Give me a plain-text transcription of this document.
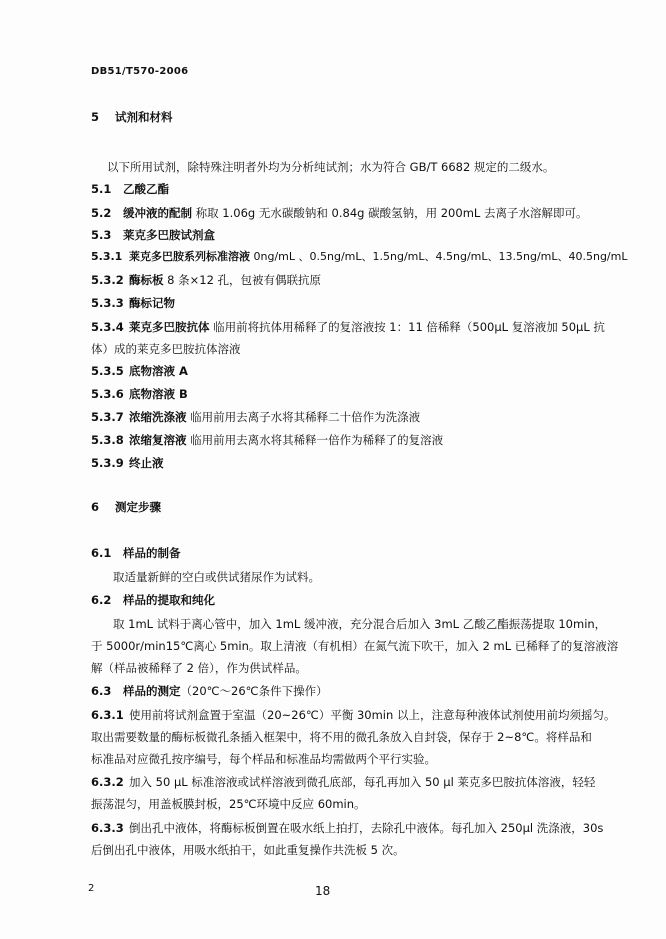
DB51/T570-2006
5 试剂和材料
以下所用试剂，除特殊注明者外均为分析纯试剂；水为符合 GB/T 6682 规定的二级水。
5.1 乙酸乙酯
5.2 缓冲液的配制 称取 1.06g 无水碳酸钠和 0.84g 碳酸氢钠，用 200mL 去离子水溶解即可。
5.3 莱克多巴胺试剂盒
5.3.1 莱克多巴胺系列标准溶液 0ng/mL 、0.5ng/mL、1.5ng/mL、4.5ng/mL、13.5ng/mL、40.5ng/mL
5.3.2 酶标板 8 条×12 孔，包被有偶联抗原
5.3.3 酶标记物
5.3.4 莱克多巴胺抗体 临用前将抗体用稀释了的复溶液按 1：11 倍稀释（500μL 复溶液加 50μL 抗
体）成的莱克多巴胺抗体溶液
5.3.5 底物溶液 A
5.3.6 底物溶液 B
5.3.7 浓缩洗涤液 临用前用去离子水将其稀释二十倍作为洗涤液
5.3.8 浓缩复溶液 临用前用去离水将其稀释一倍作为稀释了的复溶液
5.3.9 终止液
6 测定步骤
6.1 样品的制备
取适量新鲜的空白或供试猪尿作为试料。
6.2 样品的提取和纯化
取 1mL 试料于离心管中，加入 1mL 缓冲液，充分混合后加入 3mL 乙酸乙酯振荡提取 10min，
于 5000r/min15℃离心 5min。取上清液（有机相）在氮气流下吹干，加入 2 mL 已稀释了的复溶液溶
解（样品被稀释了 2 倍），作为供试样品。
6.3 样品的测定（20℃～26℃条件下操作）
6.3.1 使用前将试剂盒置于室温（20~26℃）平衡 30min 以上，注意每种液体试剂使用前均须摇匀。
取出需要数量的酶标板微孔条插入框架中，将不用的微孔条放入自封袋，保存于 2~8℃。将样品和
标准品对应微孔按序编号，每个样品和标准品均需做两个平行实验。
6.3.2 加入 50 μL 标准溶液或试样溶液到微孔底部，每孔再加入 50 μl 莱克多巴胺抗体溶液，轻轻
振荡混匀，用盖板膜封板，25℃环境中反应 60min。
6.3.3 倒出孔中液体，将酶标板倒置在吸水纸上拍打，去除孔中液体。每孔加入 250μl 洗涤液，30s
后倒出孔中液体，用吸水纸拍干，如此重复操作共洗板 5 次。
2	18
